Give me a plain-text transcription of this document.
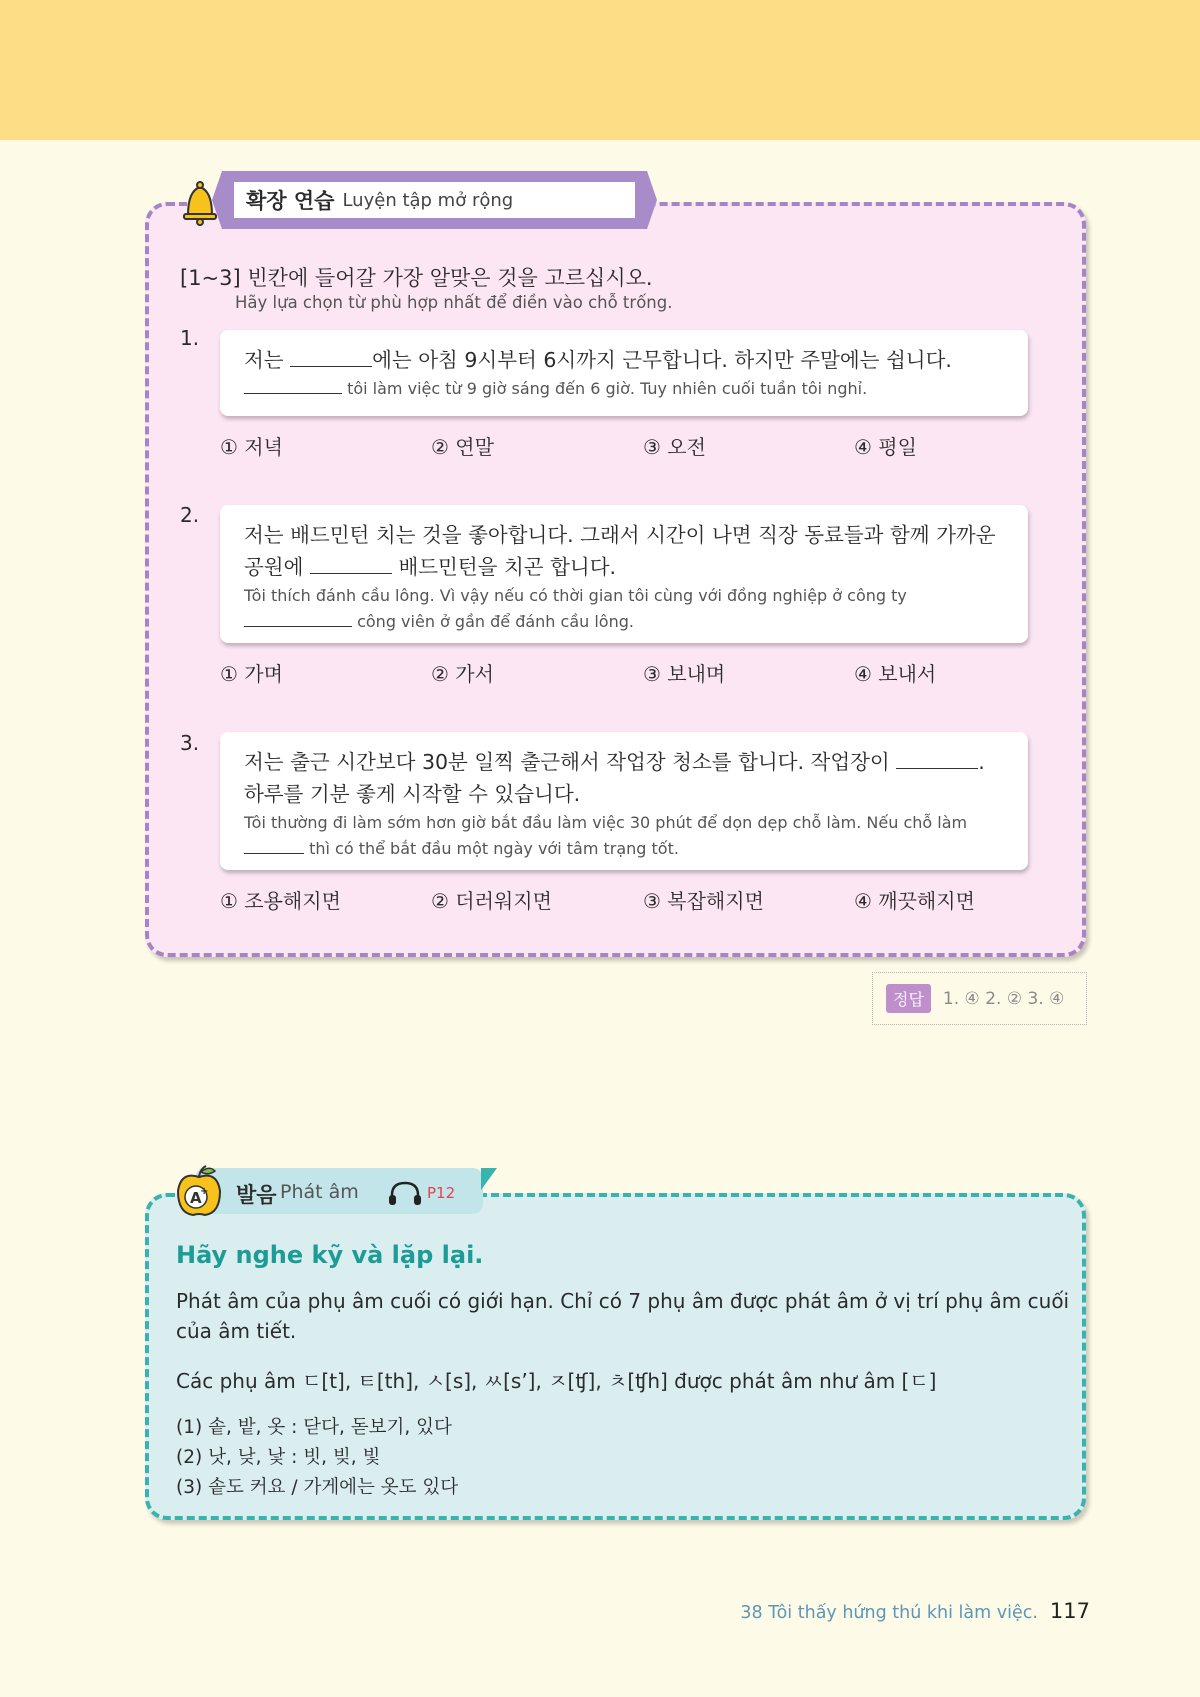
확장 연습 Luyện tập mở rộng
[1~3] 빈칸에 들어갈 가장 알맞은 것을 고르십시오.
Hãy lựa chọn từ phù hợp nhất để điền vào chỗ trống.
1.
저는	에는 아침 9시부터 6시까지 근무합니다. 하지만 주말에는 쉽니다.
tôi làm việc từ 9 giờ sáng đến 6 giờ. Tuy nhiên cuối tuần tôi nghỉ.
① 저녁	② 연말	③ 오전	④ 평일
2.
저는 배드민턴 치는 것을 좋아합니다. 그래서 시간이 나면 직장 동료들과 함께 가까운 공원에	배드민턴을 치곤 합니다.
Tôi thích đánh cầu lông. Vì vậy nếu có thời gian tôi cùng với đồng nghiệp ở công ty  công viên ở gần để đánh cầu lông.
① 가며	② 가서	③ 보내며	④ 보내서
3.
저는 출근 시간보다 30분 일찍 출근해서 작업장 청소를 합니다. 작업장이	. 하루를 기분 좋게 시작할 수 있습니다.
Tôi thường đi làm sớm hơn giờ bắt đầu làm việc 30 phút để dọn dẹp chỗ làm. Nếu chỗ làm  thì có thể bắt đầu một ngày với tâm trạng tốt.
① 조용해지면	② 더러워지면	③ 복잡해지면	④ 깨끗해지면
정답	1. ④ 2. ② 3. ④
A
+ 발음 Phát âm	P12
Hãy nghe kỹ và lặp lại.
Phát âm của phụ âm cuối có giới hạn. Chỉ có 7 phụ âm được phát âm ở vị trí phụ âm cuối của âm tiết.
Các phụ âm ㄷ[t], ㅌ[th], ㅅ[s], ㅆ[s’], ㅈ[ʧ], ㅊ[ʧh] được phát âm như âm [ㄷ]
(1) 솥, 밭, 옷 : 닫다, 돋보기, 있다
(2) 낫, 낮, 낯 : 빗, 빚, 빛
(3) 솥도 커요 / 가게에는 옷도 있다
38 Tôi thấy hứng thú khi làm việc. 117
